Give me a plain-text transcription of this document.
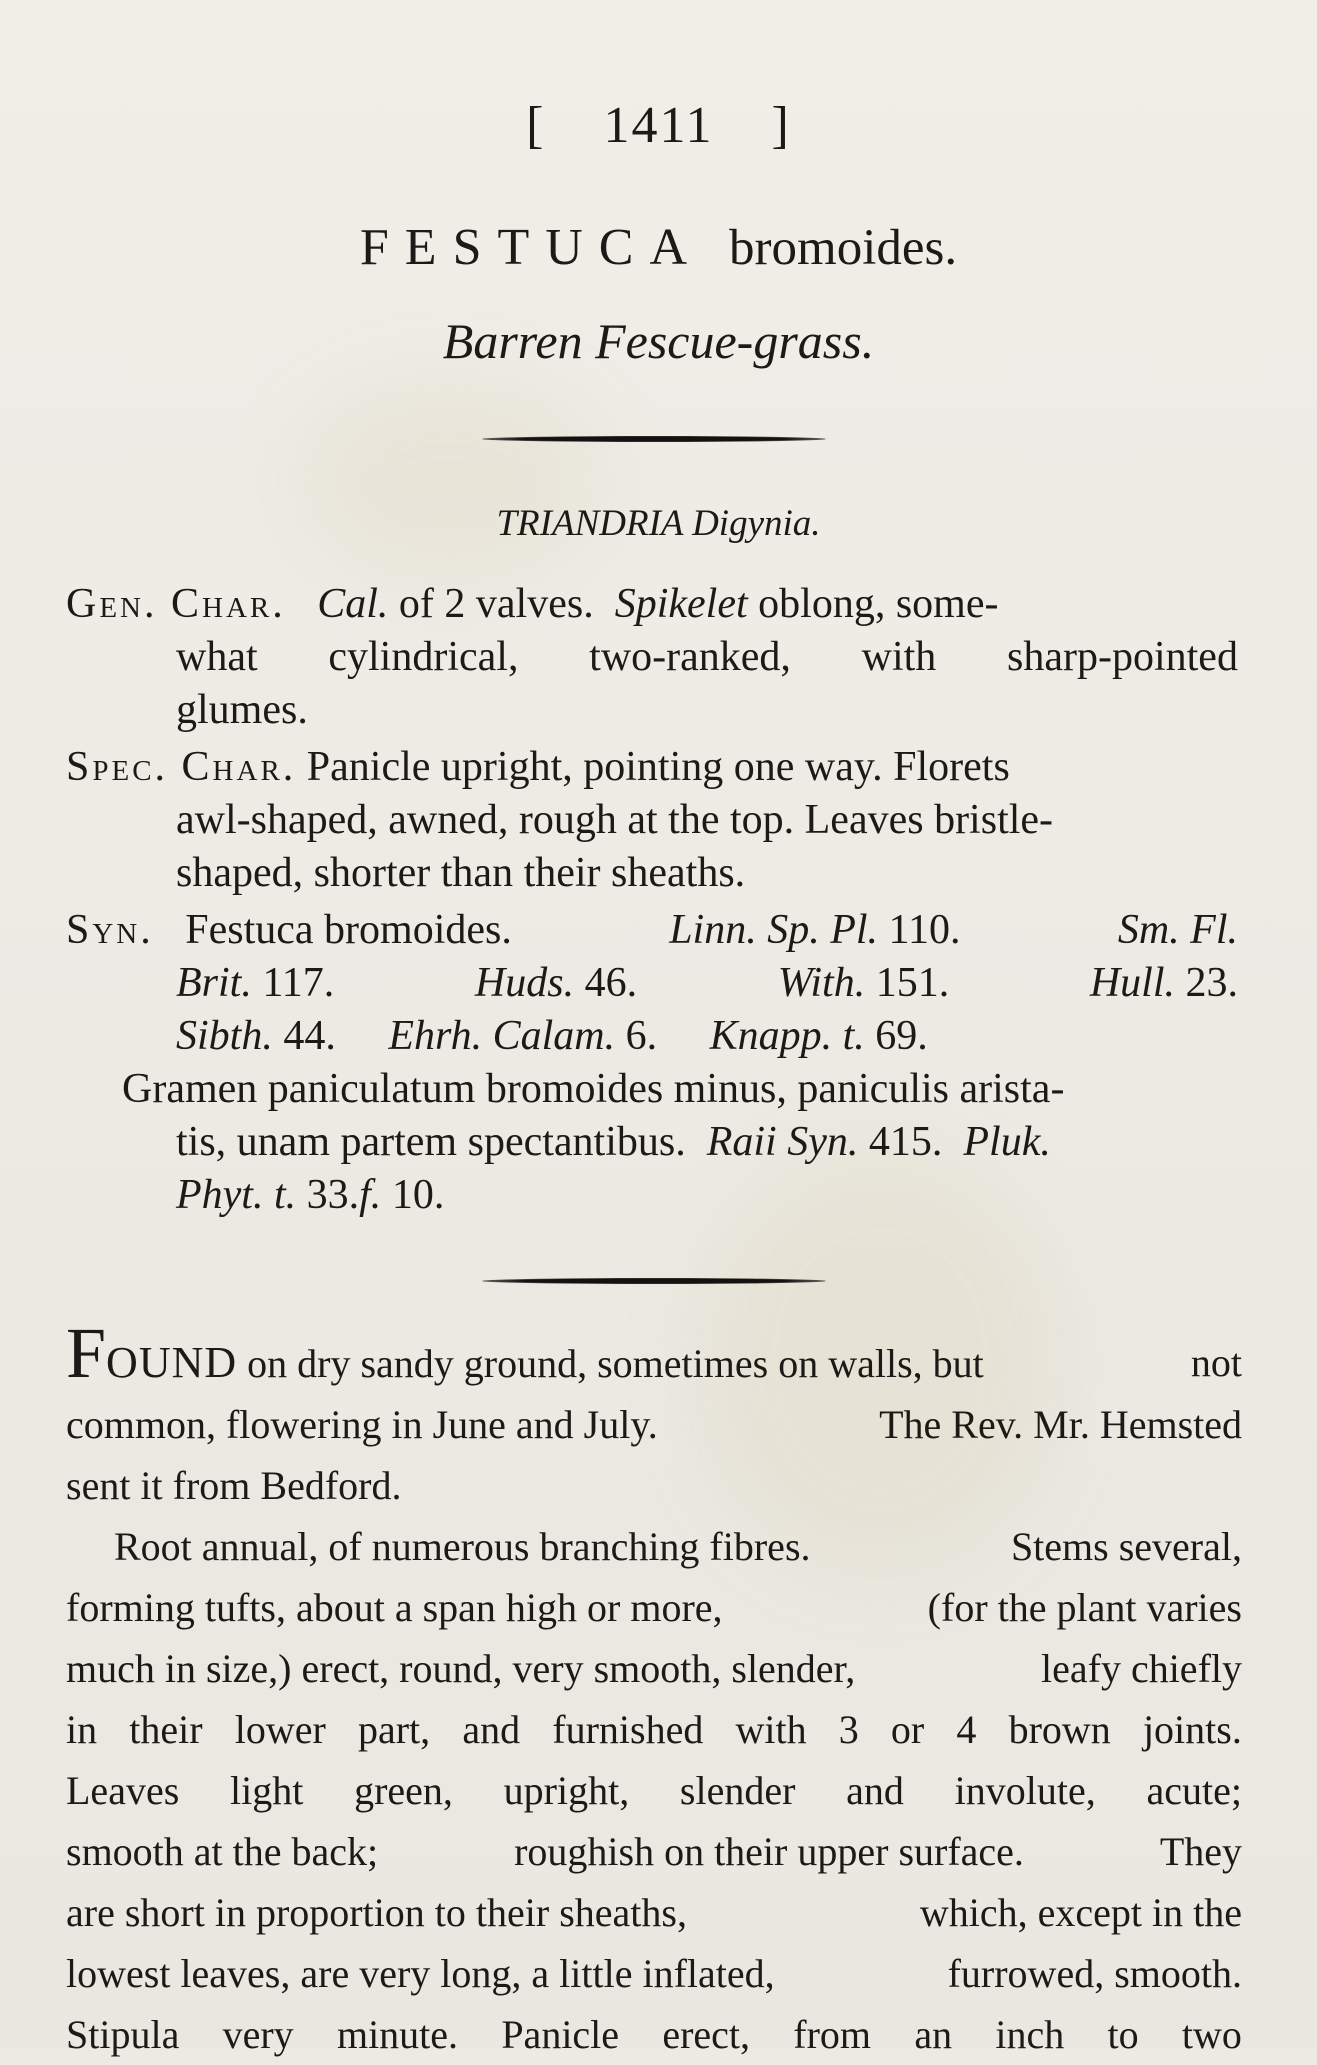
[ 1411 ]
FESTUCA bromoides.
Barren Fescue-grass.
TRIANDRIA Digynia.
Gen. Char. Cal. of 2 valves.  Spikelet oblong, some-
what cylindrical, two-ranked, with sharp-pointed
glumes.
Spec. Char. Panicle upright, pointing one way. Florets
awl-shaped, awned, rough at the top. Leaves bristle-
shaped, shorter than their sheaths.
Syn. Festuca bromoides.	Linn. Sp. Pl. 110.	Sm. Fl.
Brit. 117.	Huds. 46.	With. 151.	Hull. 23.
Sibth. 44. Ehrh. Calam. 6. Knapp. t. 69.
Gramen paniculatum bromoides minus, paniculis arista-
tis, unam partem spectantibus. Raii Syn. 415. Pluk.
Phyt. t. 33.f. 10.
FOUND on dry sandy ground, sometimes on walls, but	not
common, flowering in June and July.	The Rev. Mr. Hemsted
sent it from Bedford.
Root annual, of numerous branching fibres.	Stems several,
forming tufts, about a span high or more,	(for the plant varies
much in size,) erect, round, very smooth, slender,	leafy chiefly
in their lower part, and furnished with 3 or 4 brown joints.
Leaves light green, upright, slender and involute, acute;
smooth at the back;	roughish on their upper surface.	They
are short in proportion to their sheaths,	which, except in the
lowest leaves, are very long, a little inflated,	furrowed, smooth.
Stipula very minute. Panicle erect, from an inch to two
